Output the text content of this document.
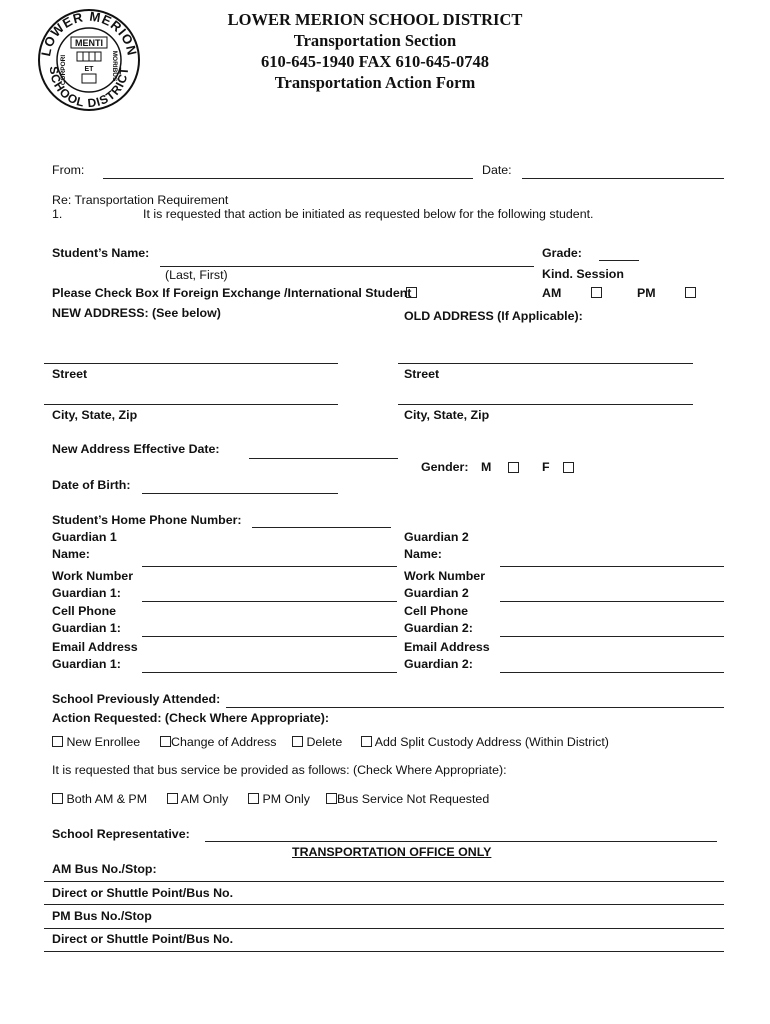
LOWER MERION
SCHOOL DISTRICT
MENTI
CORPORI	MORIBUS
ET
LOWER MERION SCHOOL DISTRICT
Transportation Section
610-645-1940 FAX 610-645-0748
Transportation Action Form
From:	Date:
Re: Transportation Requirement
1.	It is requested that action be initiated as requested below for the following student.
Student’s Name:
(Last, First)
Grade:
Kind. Session
AM	PM
Please Check Box If Foreign Exchange /International Student
NEW ADDRESS: (See below)	OLD ADDRESS (If Applicable):
Street	Street
City, State, Zip	City, State, Zip
New Address Effective Date:
Gender: M	F
Date of Birth:
Student’s Home Phone Number:
Guardian 1
Name:
Guardian 2
Name:
Work Number
Guardian 1:
Work Number
Guardian 2
Cell Phone
Guardian 1:
Cell Phone
Guardian 2:
Email Address
Guardian 1:
Email Address
Guardian 2:
School Previously Attended:
Action Requested: (Check Where Appropriate):
New Enrollee	Change of Address	Delete	Add Split Custody Address (Within District)
It is requested that bus service be provided as follows: (Check Where Appropriate):
Both AM & PM	AM Only	PM Only	Bus Service Not Requested
School Representative:
TRANSPORTATION OFFICE ONLY
AM Bus No./Stop:
Direct or Shuttle Point/Bus No.
PM Bus No./Stop
Direct or Shuttle Point/Bus No.
